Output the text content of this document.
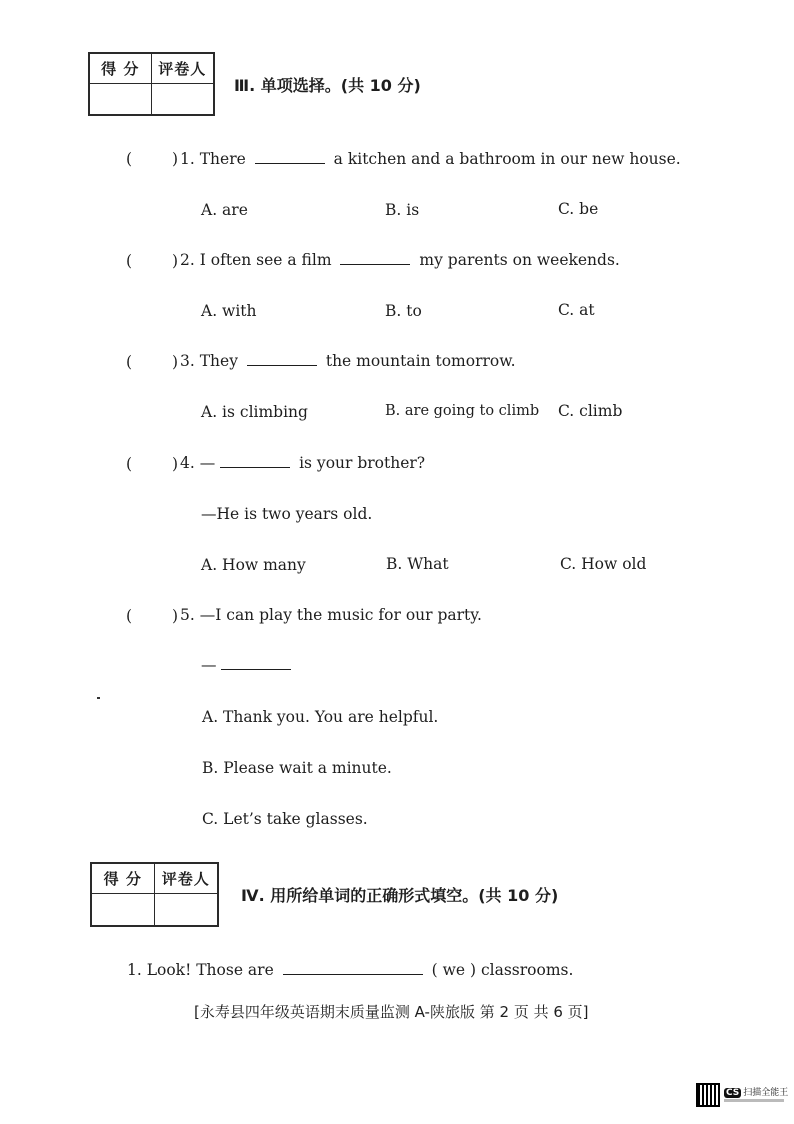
得 分	评卷人
Ⅲ. 单项选择。(共 10 分)
(	) 1. There	a kitchen and a bathroom in our new house.
A. are	B. is	C. be
(	) 2. I often see a film	my parents on weekends.
A. with	B. to	C. at
(	) 3. They	the mountain tomorrow.
A. is climbing	B. are going to climb C. climb
(	) 4. —	is your brother?
—He is two years old.
A. How many	B. What	C. How old
(	) 5. —I can play the music for our party.
—
A. Thank you. You are helpful.
B. Please wait a minute.
C. Let’s take glasses.
得 分	评卷人
Ⅳ. 用所给单词的正确形式填空。(共 10 分)
1. Look! Those are	( we ) classrooms.
[永寿县四年级英语期末质量监测 A-陕旅版 第 2 页 共 6 页]
CS 扫描全能王
